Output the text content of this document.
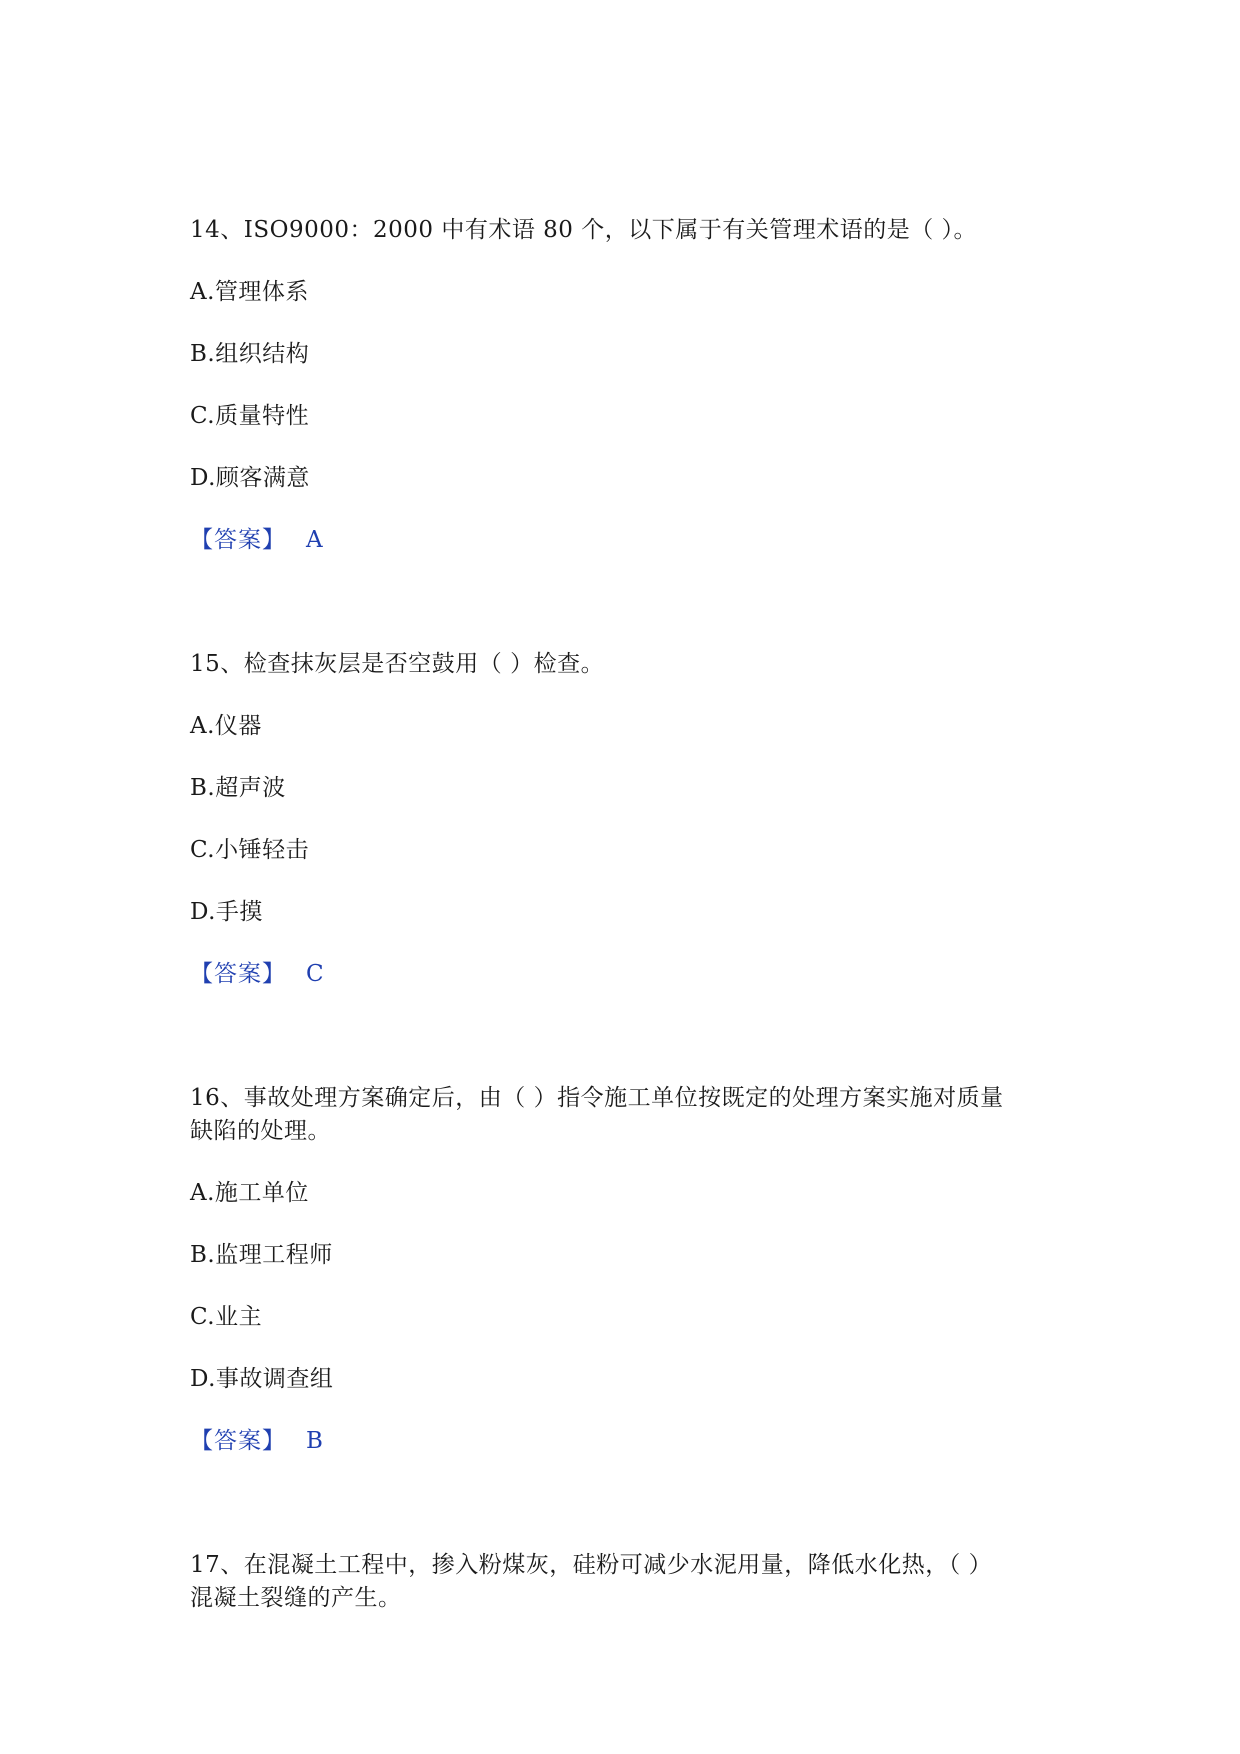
14、ISO9000：2000 中有术语 80 个，以下属于有关管理术语的是（ ）。
A.管理体系
B.组织结构
C.质量特性
D.顾客满意
【答案】 A
15、检查抹灰层是否空鼓用（ ）检查。
A.仪器
B.超声波
C.小锤轻击
D.手摸
【答案】 C
16、事故处理方案确定后，由（ ）指令施工单位按既定的处理方案实施对质量
缺陷的处理。
A.施工单位
B.监理工程师
C.业主
D.事故调查组
【答案】 B
17、在混凝土工程中，掺入粉煤灰，硅粉可减少水泥用量，降低水化热，（ ）
混凝土裂缝的产生。
